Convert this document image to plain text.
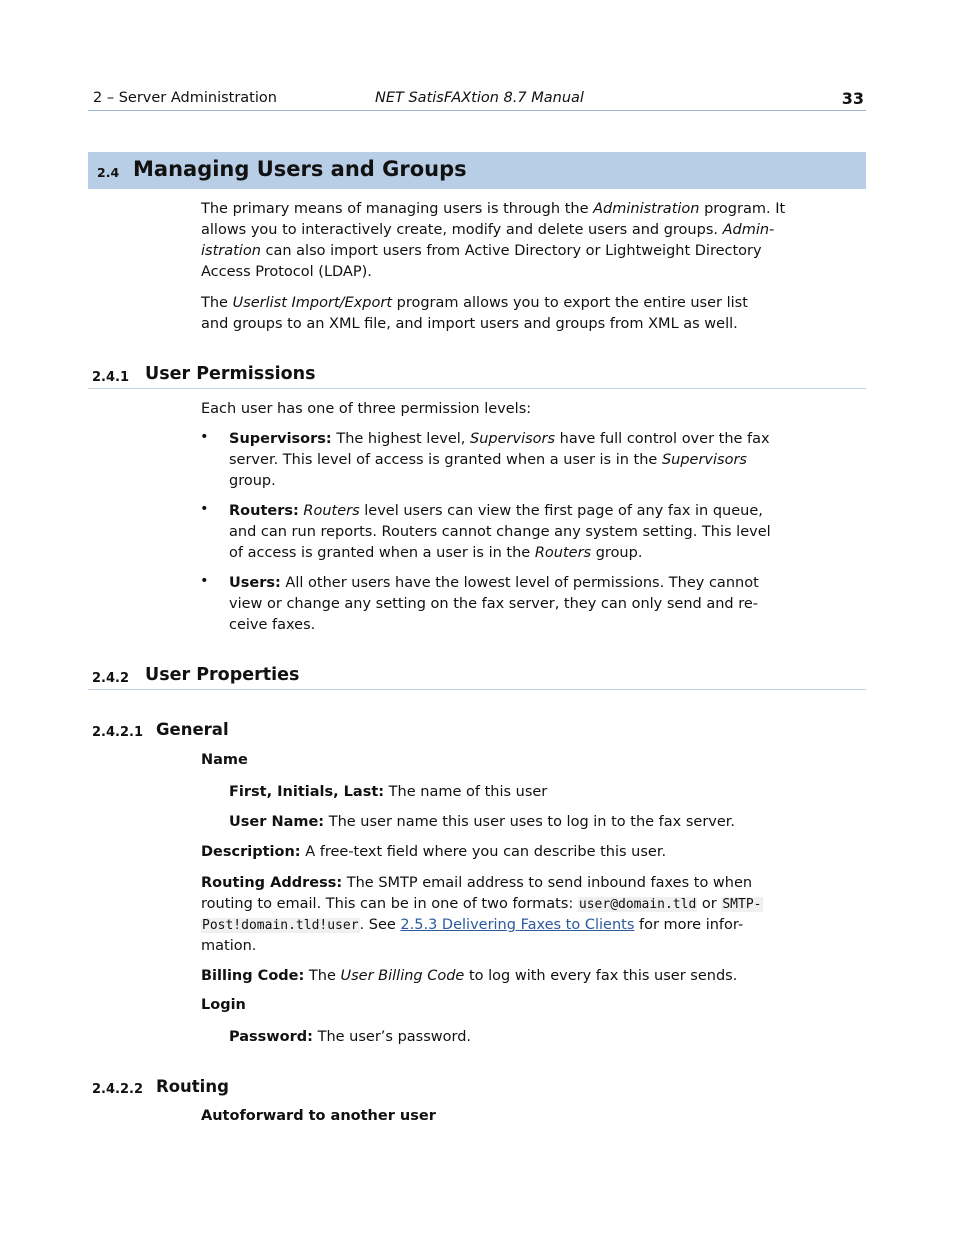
2 – Server Administration	NET SatisFAXtion 8.7 Manual	33
2.4 Managing Users and Groups

The primary means of managing users is through the Administration program. It
allows you to interactively create, modify and delete users and groups. Admin-
istration can also import users from Active Directory or Lightweight Directory
Access Protocol (LDAP).

The Userlist Import/Export program allows you to export the entire user list
and groups to an XML file, and import users and groups from XML as well.

2.4.1 User Permissions

Each user has one of three permission levels:

• Supervisors: The highest level, Supervisors have full control over the fax
server. This level of access is granted when a user is in the Supervisors
group.

• Routers: Routers level users can view the first page of any fax in queue,
and can run reports. Routers cannot change any system setting. This level
of access is granted when a user is in the Routers group.

• Users: All other users have the lowest level of permissions. They cannot
view or change any setting on the fax server, they can only send and re-
ceive faxes.

2.4.2 User Properties
2.4.2.1 General
Name

First, Initials, Last: The name of this user

User Name: The user name this user uses to log in to the fax server.

Description: A free-text field where you can describe this user.

Routing Address: The SMTP email address to send inbound faxes to when
routing to email. This can be in one of two formats: user@domain.tld or SMTP-
Post!domain.tld!user. See 2.5.3 Delivering Faxes to Clients for more infor-
mation.

Billing Code: The User Billing Code to log with every fax this user sends.

Login

Password: The user’s password.

2.4.2.2 Routing
Autoforward to another user
